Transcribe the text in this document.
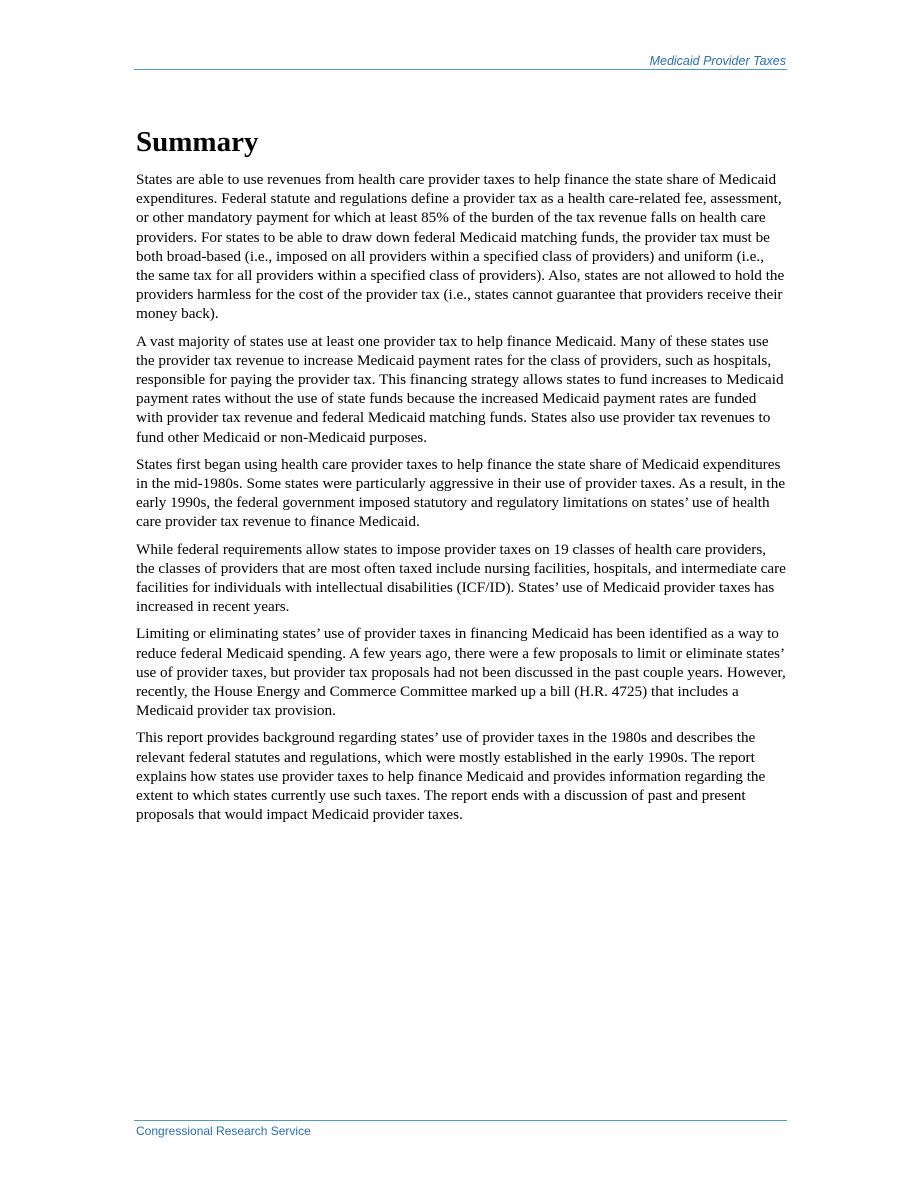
Medicaid Provider Taxes
Summary

States are able to use revenues from health care provider taxes to help finance the state share of Medicaid expenditures. Federal statute and regulations define a provider tax as a health care-related fee, assessment, or other mandatory payment for which at least 85% of the burden of the tax revenue falls on health care providers. For states to be able to draw down federal Medicaid matching funds, the provider tax must be both broad-based (i.e., imposed on all providers within a specified class of providers) and uniform (i.e., the same tax for all providers within a specified class of providers). Also, states are not allowed to hold the providers harmless for the cost of the provider tax (i.e., states cannot guarantee that providers receive their money back).

A vast majority of states use at least one provider tax to help finance Medicaid. Many of these states use the provider tax revenue to increase Medicaid payment rates for the class of providers, such as hospitals, responsible for paying the provider tax. This financing strategy allows states to fund increases to Medicaid payment rates without the use of state funds because the increased Medicaid payment rates are funded with provider tax revenue and federal Medicaid matching funds. States also use provider tax revenues to fund other Medicaid or non-Medicaid purposes.

States first began using health care provider taxes to help finance the state share of Medicaid expenditures in the mid-1980s. Some states were particularly aggressive in their use of provider taxes. As a result, in the early 1990s, the federal government imposed statutory and regulatory limitations on states’ use of health care provider tax revenue to finance Medicaid.

While federal requirements allow states to impose provider taxes on 19 classes of health care providers, the classes of providers that are most often taxed include nursing facilities, hospitals, and intermediate care facilities for individuals with intellectual disabilities (ICF/ID). States’ use of Medicaid provider taxes has increased in recent years.

Limiting or eliminating states’ use of provider taxes in financing Medicaid has been identified as a way to reduce federal Medicaid spending. A few years ago, there were a few proposals to limit or eliminate states’ use of provider taxes, but provider tax proposals had not been discussed in the past couple years. However, recently, the House Energy and Commerce Committee marked up a bill (H.R. 4725) that includes a Medicaid provider tax provision.

This report provides background regarding states’ use of provider taxes in the 1980s and describes the relevant federal statutes and regulations, which were mostly established in the early 1990s. The report explains how states use provider taxes to help finance Medicaid and provides information regarding the extent to which states currently use such taxes. The report ends with a discussion of past and present proposals that would impact Medicaid provider taxes.

Congressional Research Service
